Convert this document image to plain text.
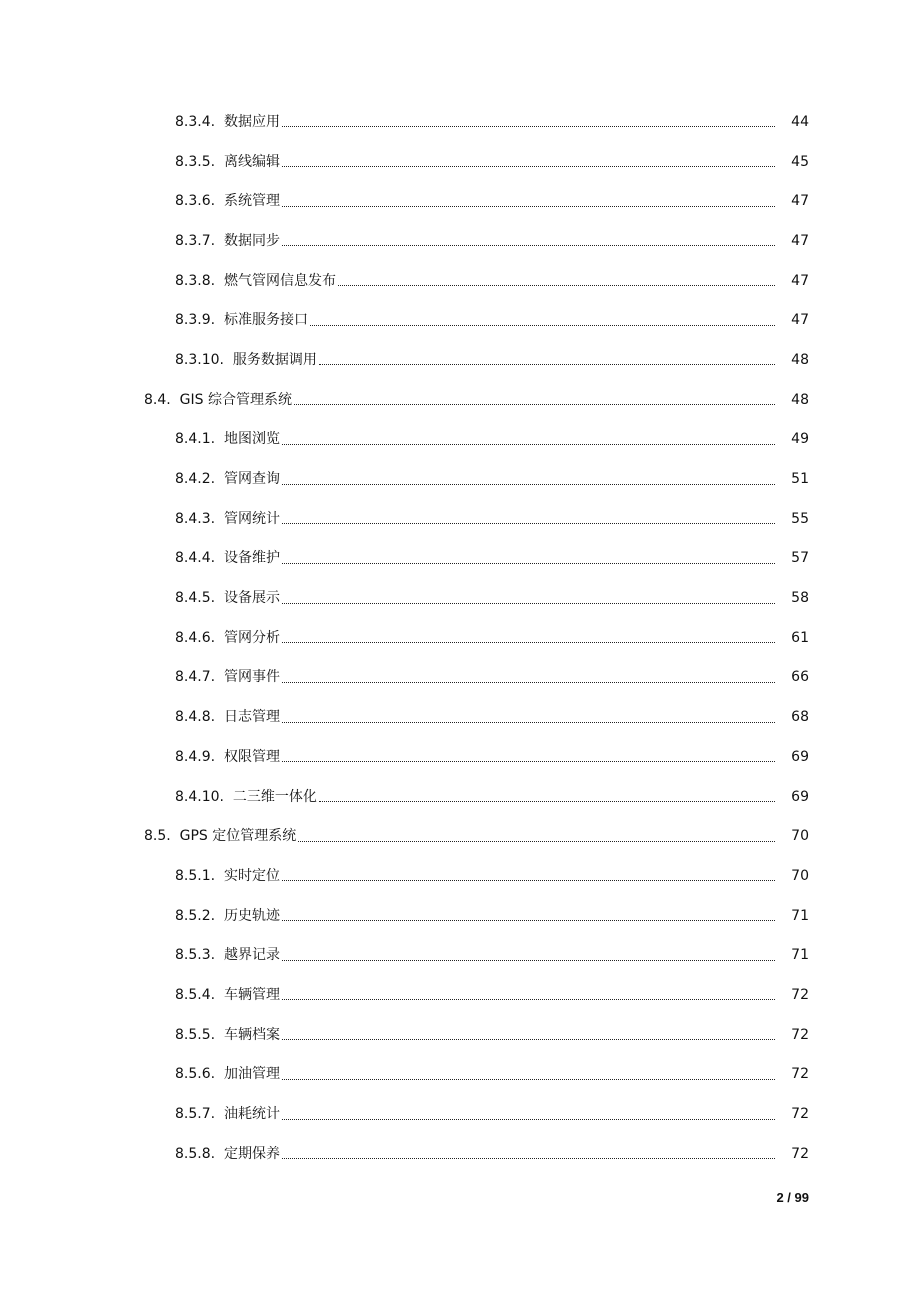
8.3.4. 数据应用	44
8.3.5. 离线编辑	45
8.3.6. 系统管理	47
8.3.7. 数据同步	47
8.3.8. 燃气管网信息发布	47
8.3.9. 标准服务接口	47
8.3.10. 服务数据调用	48
8.4. GIS 综合管理系统	48
8.4.1. 地图浏览	49
8.4.2. 管网查询	51
8.4.3. 管网统计	55
8.4.4. 设备维护	57
8.4.5. 设备展示	58
8.4.6. 管网分析	61
8.4.7. 管网事件	66
8.4.8. 日志管理	68
8.4.9. 权限管理	69
8.4.10. 二三维一体化	69
8.5. GPS 定位管理系统	70
8.5.1. 实时定位	70
8.5.2. 历史轨迹	71
8.5.3. 越界记录	71
8.5.4. 车辆管理	72
8.5.5. 车辆档案	72
8.5.6. 加油管理	72
8.5.7. 油耗统计	72
8.5.8. 定期保养	72
2 / 99
